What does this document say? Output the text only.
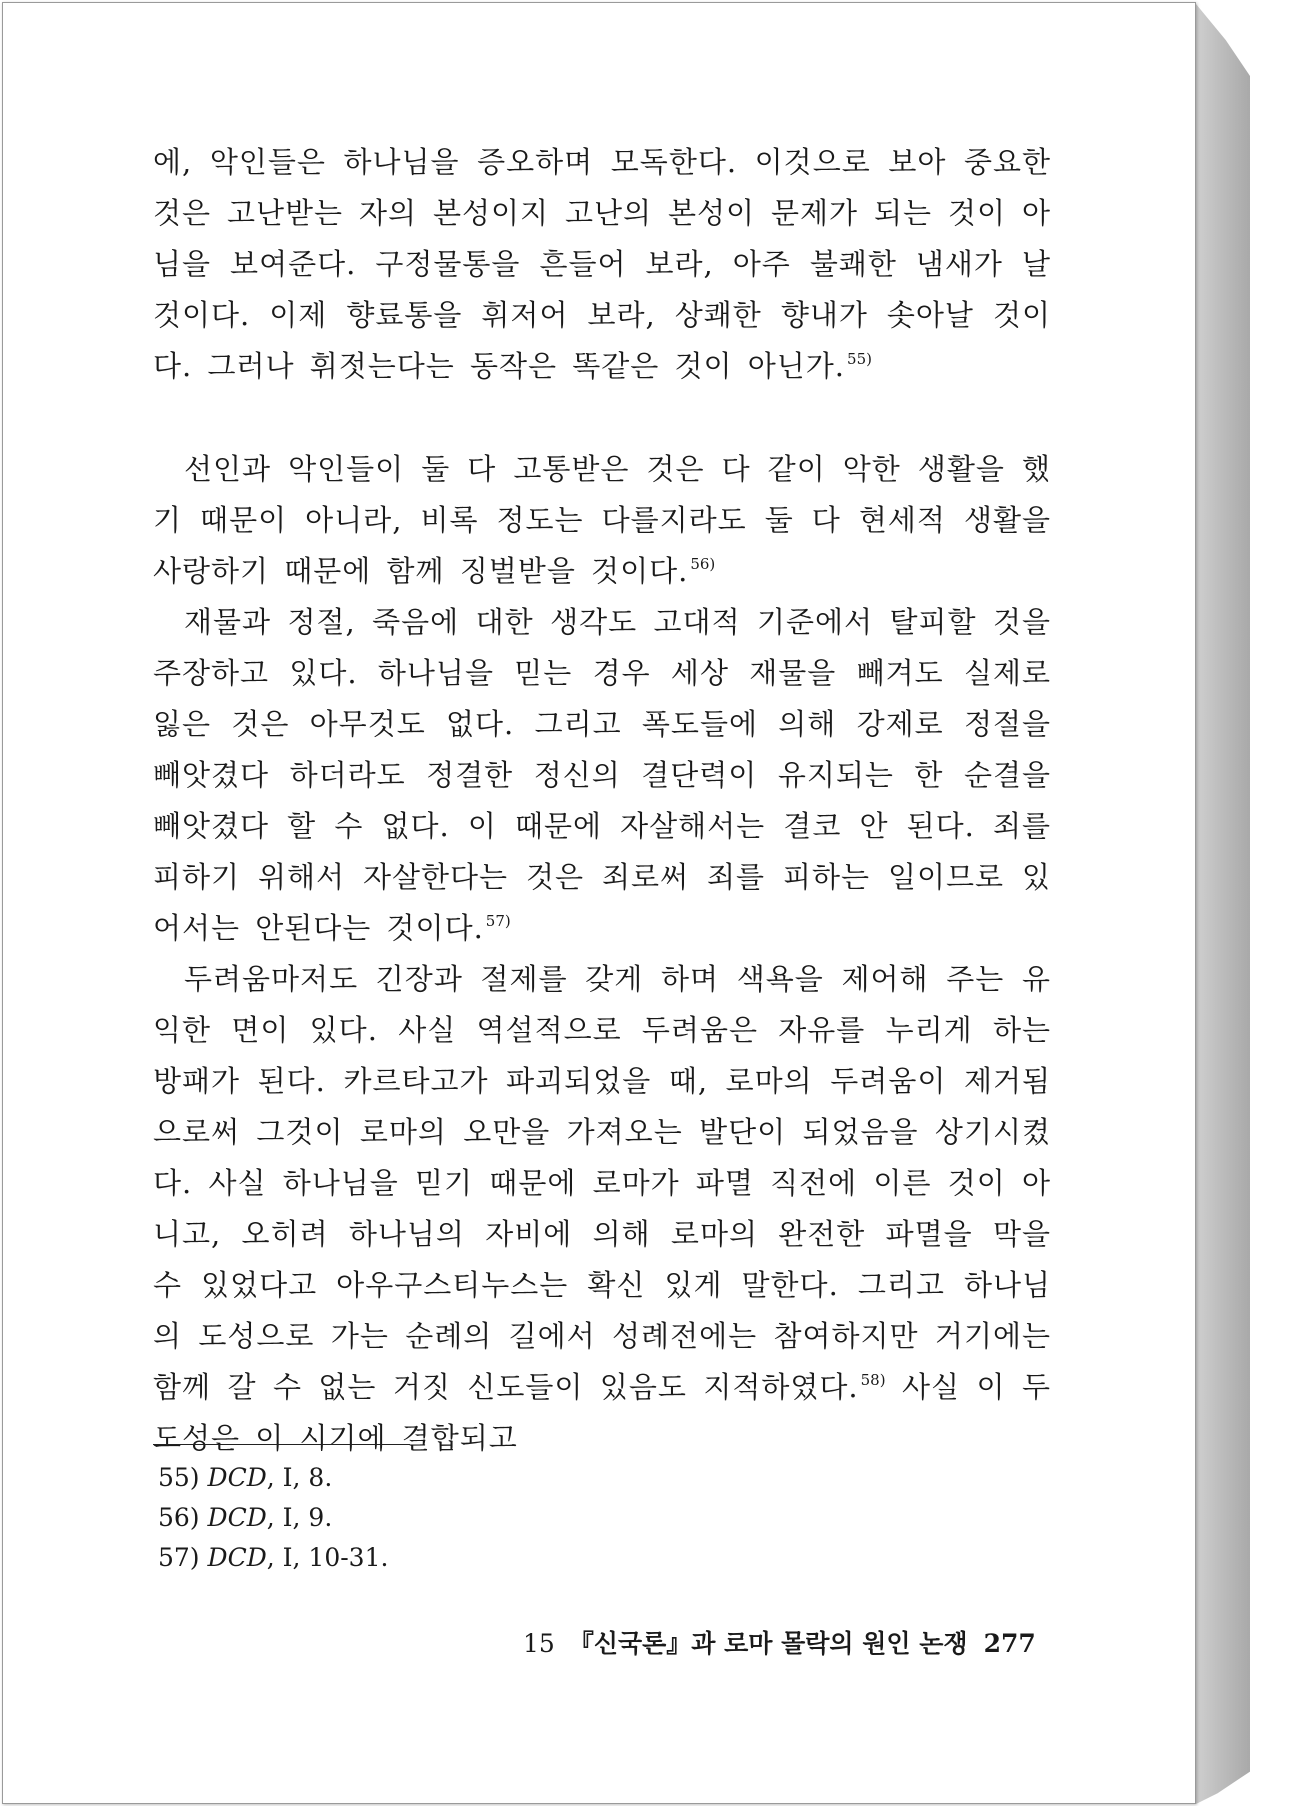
에, 악인들은 하나님을 증오하며 모독한다. 이것으로 보아 중요한 것은 고난받는 자의 본성이지 고난의 본성이 문제가 되는 것이 아님을 보여준다. 구정물통을 흔들어 보라, 아주 불쾌한 냄새가 날 것이다. 이제 향료통을 휘저어 보라, 상쾌한 향내가 솟아날 것이다. 그러나 휘젓는다는 동작은 똑같은 것이 아닌가. $^{55)}$

선인과 악인들이 둘 다 고통받은 것은 다 같이 악한 생활을 했기 때문이 아니라, 비록 정도는 다를지라도 둘 다 현세적 생활을 사랑하기 때문에 함께 징벌받을 것이다. $^{56)}$

재물과 정절, 죽음에 대한 생각도 고대적 기준에서 탈피할 것을 주장하고 있다. 하나님을 믿는 경우 세상 재물을 빼겨도 실제로 잃은 것은 아무것도 없다. 그리고 폭도들에 의해 강제로 정절을 빼앗겼다 하더라도 정결한 정신의 결단력이 유지되는 한 순결을 빼앗겼다 할 수 없다. 이 때문에 자살해서는 결코 안 된다. 죄를 피하기 위해서 자살한다는 것은 죄로써 죄를 피하는 일이므로 있어서는 안된다는 것이다. $^{57)}$

두려움마저도 긴장과 절제를 갖게 하며 색욕을 제어해 주는 유익한 면이 있다. 사실 역설적으로 두려움은 자유를 누리게 하는 방패가 된다. 카르타고가 파괴되었을 때, 로마의 두려움이 제거됨으로써 그것이 로마의 오만을 가져오는 발단이 되었음을 상기시켰다. 사실 하나님을 믿기 때문에 로마가 파멸 직전에 이른 것이 아니고, 오히려 하나님의 자비에 의해 로마의 완전한 파멸을 막을 수 있었다고 아우구스티누스는 확신 있게 말한다. 그리고 하나님의 도성으로 가는 순례의 길에서 성례전에는 참여하지만 거기에는 함께 갈 수 없는 거짓 신도들이 있음도 지적하였다. $^{58)}$ 사실 이 두 도성은 이 시기에 결합되고

55) DCD, Ⅰ, 8.
56) DCD, Ⅰ, 9.
57) DCD, Ⅰ, 10-31.
15 『신국론』과 로마 몰락의 원인 논쟁 277
